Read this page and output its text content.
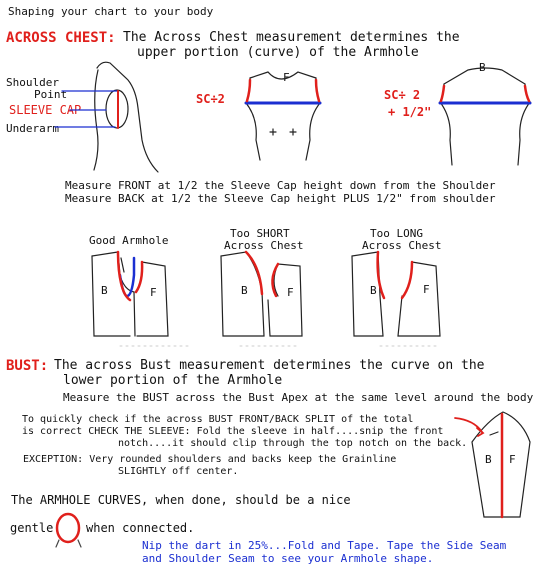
Shaping your chart to your body
ACROSS CHEST: The Across Chest measurement determines the
upper portion (curve) of the Armhole
Shoulder
Point
SLEEVE CAP
Underarm
SC÷2	SC÷ 2
+ 1/2"
F
B
Measure FRONT at 1/2 the Sleeve Cap height down from the Shoulder
Measure BACK at 1/2 the Sleeve Cap height PLUS 1/2" from shoulder
Good Armhole
Too SHORT
Across Chest
Too LONG
Across Chest
B	F	B	F	B	F
BUST: The across Bust measurement determines the curve on the
lower portion of the Armhole
Measure the BUST across the Bust Apex at the same level around the body
To quickly check if the across BUST FRONT/BACK SPLIT of the total
is correct CHECK THE SLEEVE: Fold the sleeve in half....snip the front
notch....it should clip through the top notch on the back.
EXCEPTION: Very rounded shoulders and backs keep the Grainline
SLIGHTLY off center.
B F
The ARMHOLE CURVES, when done, should be a nice
gentle	when connected.
Nip the dart in 25%...Fold and Tape. Tape the Side Seam
and Shoulder Seam to see your Armhole shape.
